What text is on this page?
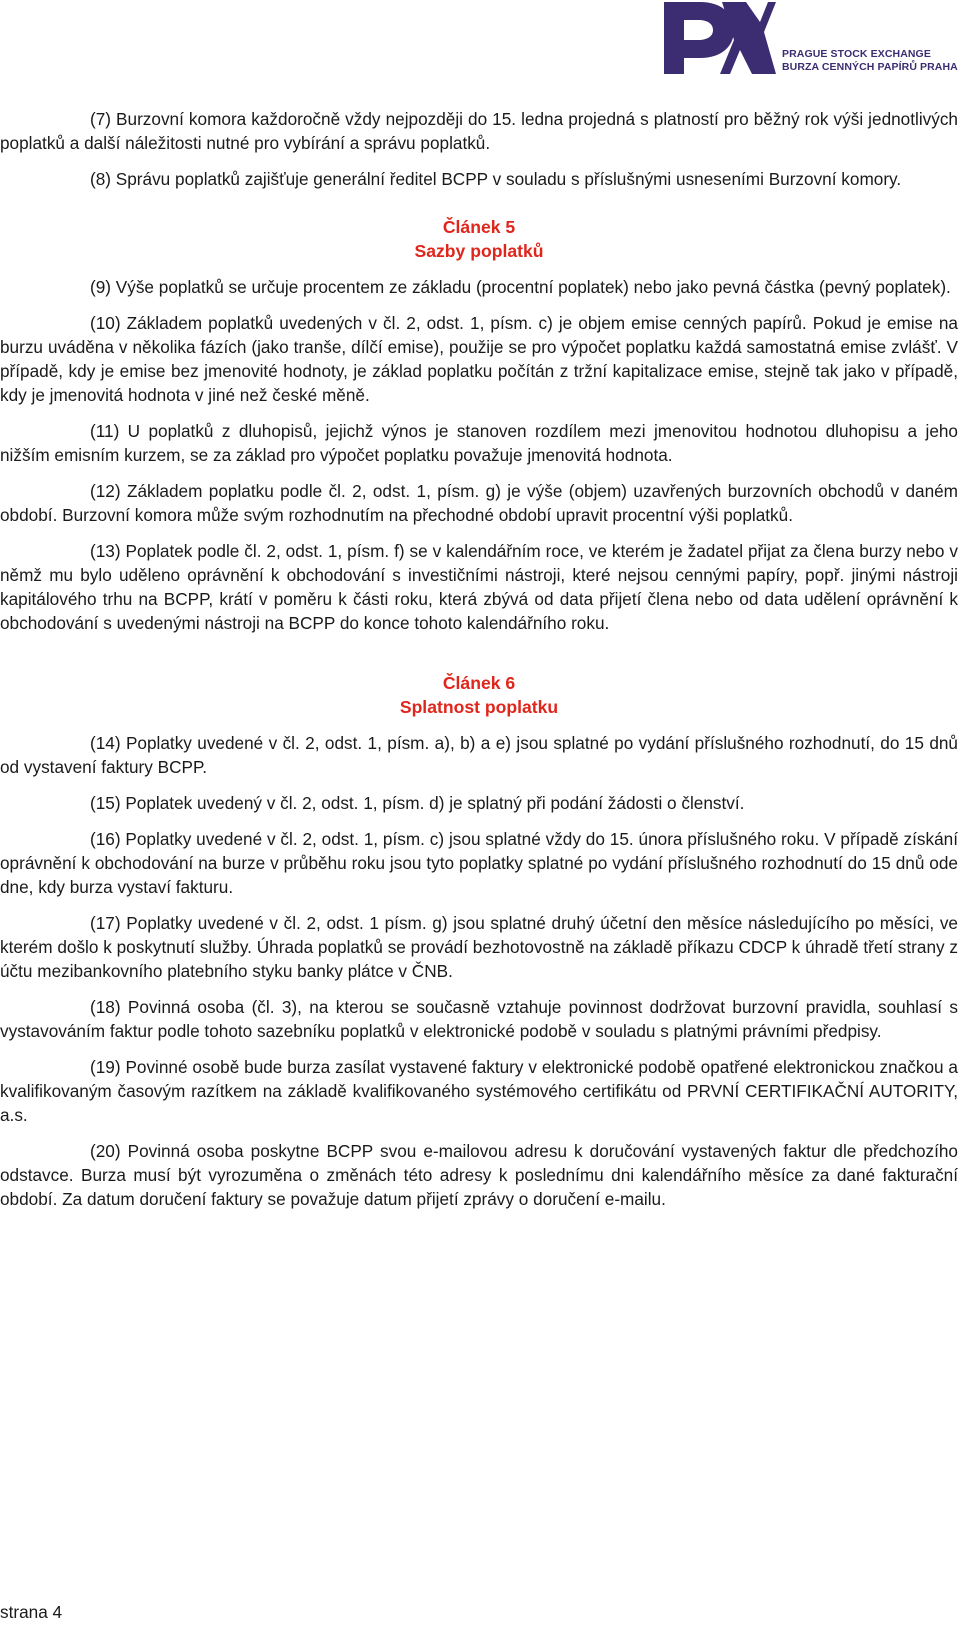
PRAGUE STOCK EXCHANGE
BURZA CENNÝCH PAPÍRŮ PRAHA

(7) Burzovní komora každoročně vždy nejpozději do 15. ledna projedná s platností pro běžný rok výši jednotlivých poplatků a další náležitosti nutné pro vybírání a správu poplatků.

(8) Správu poplatků zajišťuje generální ředitel BCPP v souladu s příslušnými usneseními Burzovní komory.

Článek 5
Sazby poplatků

(9) Výše poplatků se určuje procentem ze základu (procentní poplatek) nebo jako pevná částka (pevný poplatek).

(10) Základem poplatků uvedených v čl. 2, odst. 1, písm. c) je objem emise cenných papírů. Pokud je emise na burzu uváděna v několika fázích (jako tranše, dílčí emise), použije se pro výpočet poplatku každá samostatná emise zvlášť. V případě, kdy je emise bez jmenovité hodnoty, je základ poplatku počítán z tržní kapitalizace emise, stejně tak jako v případě, kdy je jmenovitá hodnota v jiné než české měně.

(11) U poplatků z dluhopisů, jejichž výnos je stanoven rozdílem mezi jmenovitou hodnotou dluhopisu a jeho nižším emisním kurzem, se za základ pro výpočet poplatku považuje jmenovitá hodnota.

(12) Základem poplatku podle čl. 2, odst. 1, písm. g) je výše (objem) uzavřených burzovních obchodů v daném období. Burzovní komora může svým rozhodnutím na přechodné období upravit procentní výši poplatků.

(13) Poplatek podle čl. 2, odst. 1, písm. f) se v kalendářním roce, ve kterém je žadatel přijat za člena burzy nebo v němž mu bylo uděleno oprávnění k obchodování s investičními nástroji, které nejsou cennými papíry, popř. jinými nástroji kapitálového trhu na BCPP, krátí v poměru k části roku, která zbývá od data přijetí člena nebo od data udělení oprávnění k obchodování s uvedenými nástroji na BCPP do konce tohoto kalendářního roku.

Článek 6
Splatnost poplatku

(14) Poplatky uvedené v čl. 2, odst. 1, písm. a), b) a e) jsou splatné po vydání příslušného rozhodnutí, do 15 dnů od vystavení faktury BCPP.

(15) Poplatek uvedený v čl. 2, odst. 1, písm. d) je splatný při podání žádosti o členství.

(16) Poplatky uvedené v čl. 2, odst. 1, písm. c) jsou splatné vždy do 15. února příslušného roku. V případě získání oprávnění k obchodování na burze v průběhu roku jsou tyto poplatky splatné po vydání příslušného rozhodnutí do 15 dnů ode dne, kdy burza vystaví fakturu.

(17) Poplatky uvedené v čl. 2, odst. 1 písm. g) jsou splatné druhý účetní den měsíce následujícího po měsíci, ve kterém došlo k poskytnutí služby. Úhrada poplatků se provádí bezhotovostně na základě příkazu CDCP k úhradě třetí strany z účtu mezibankovního platebního styku banky plátce v ČNB.

(18) Povinná osoba (čl. 3), na kterou se současně vztahuje povinnost dodržovat burzovní pravidla, souhlasí s vystavováním faktur podle tohoto sazebníku poplatků v elektronické podobě v souladu s platnými právními předpisy.

(19) Povinné osobě bude burza zasílat vystavené faktury v elektronické podobě opatřené elektronickou značkou a kvalifikovaným časovým razítkem na základě kvalifikovaného systémového certifikátu od PRVNÍ CERTIFIKAČNÍ AUTORITY, a.s.

(20) Povinná osoba poskytne BCPP svou e-mailovou adresu k doručování vystavených faktur dle předchozího odstavce. Burza musí být vyrozuměna o změnách této adresy k poslednímu dni kalendářního měsíce za dané fakturační období. Za datum doručení faktury se považuje datum přijetí zprávy o doručení e-mailu.

strana 4
